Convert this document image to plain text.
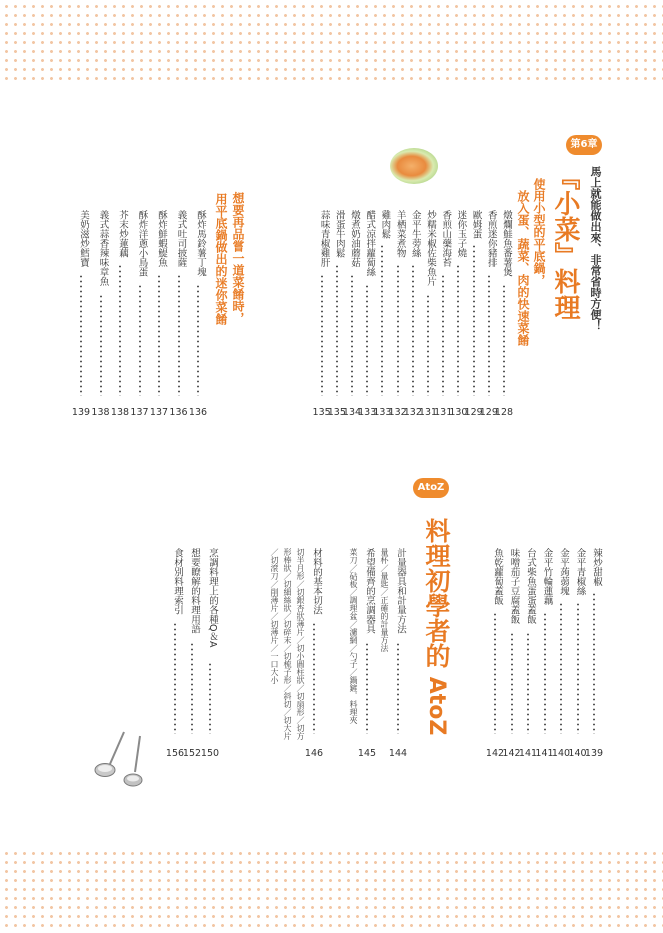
第6章
馬上就能做出來、非常省時方便！
『小菜』料理
使用小型的平底鍋，
放入蛋、蔬菜、肉的快速菜餚
燉爛鮭魚番薯煲
128
香煎迷你豬排
129
歐姆蛋
129
迷你玉子燒
130
香煎山藥海苔
131
炒糯米椒佐柴魚片
131
金平牛蒡絲
132
羊栖菜煮物
132
雞肉鬆
133
醋式涼拌蘿蔔絲
133
燉煮奶油蘑菇
134
滑蛋牛肉鬆
135
蒜味青椒雞肝
135
想要再品嘗一道菜餚時，
用平底鍋做出的迷你菜餚
酥炸馬鈴薯丁塊
136
義式吐司披薩
136
酥炸鮮蝦鯷魚
137
酥炸洋蔥小鳥蛋
137
芥末炒蓮藕
138
義式蒜香辣味章魚
138
美奶滋炒鱈寶
139
AtoZ
料理初學者的 AtoZ
辣炒甜椒
139
金平青椒絲
140
金平蒟蒻塊
140
金平竹輪蓮藕
141
台式柴魚蛋蛋蓋飯
141
味噌茄子豆腐蓋飯
142
魚乾蘿蔔蓋飯
142
計量器具和計量方法
144
量杯／量匙／正確的計量方法
希望備齊的烹調器具
145
菜刀／砧板／調理盆／濾網／勺子／鍋鏟．料理夾
材料的基本切法
146
切半月形／切銀杏狀薄片／切小圓柱狀／切扇形／切方
形棒狀／切細絲狀／切碎末／切梳子形／斜切／切大片
／切滾刀／削薄片／切薄片／一口大小
烹調料理上的各種Q＆A
150
想要瞭解的料理用語
152
食材別料理索引
156
